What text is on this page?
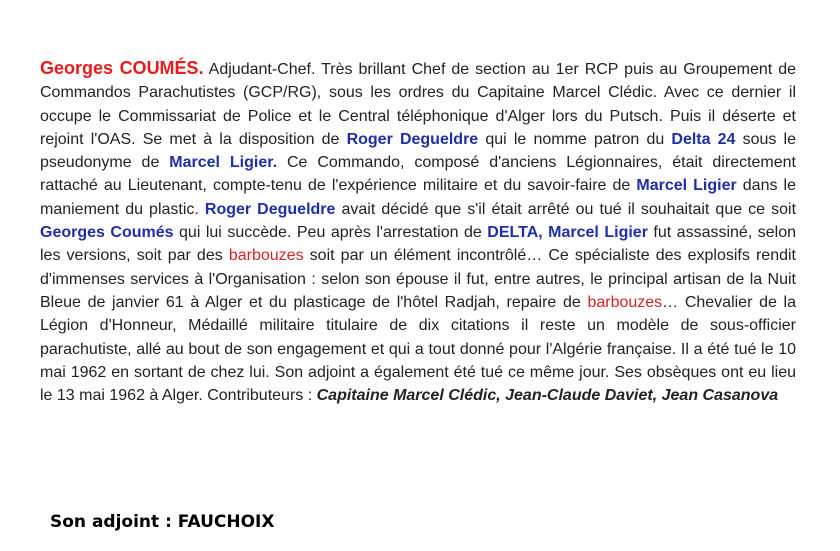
Georges COUMÉS. Adjudant-Chef. Très brillant Chef de section au 1er RCP puis au Groupement de Commandos Parachutistes (GCP/RG), sous les ordres du Capitaine Marcel Clédic. Avec ce dernier il occupe le Commissariat de Police et le Central téléphonique d'Alger lors du Putsch. Puis il déserte et rejoint l'OAS. Se met à la disposition de Roger Degueldre qui le nomme patron du Delta 24 sous le pseudonyme de Marcel Ligier. Ce Commando, composé d'anciens Légionnaires, était directement rattaché au Lieutenant, compte-tenu de l'expérience militaire et du savoir-faire de Marcel Ligier dans le maniement du plastic. Roger Degueldre avait décidé que s'il était arrêté ou tué il souhaitait que ce soit Georges Coumés qui lui succède. Peu après l'arrestation de DELTA, Marcel Ligier fut assassiné, selon les versions, soit par des barbouzes soit par un élément incontrôlé… Ce spécialiste des explosifs rendit d'immenses services à l'Organisation : selon son épouse il fut, entre autres, le principal artisan de la Nuit Bleue de janvier 61 à Alger et du plasticage de l'hôtel Radjah, repaire de barbouzes… Chevalier de la Légion d'Honneur, Médaillé militaire titulaire de dix citations il reste un modèle de sous-officier parachutiste, allé au bout de son engagement et qui a tout donné pour l'Algérie française. Il a été tué le 10 mai 1962 en sortant de chez lui. Son adjoint a également été tué ce même jour. Ses obsèques ont eu lieu le 13 mai 1962 à Alger. Contributeurs : Capitaine Marcel Clédic, Jean-Claude Daviet, Jean Casanova

Son adjoint : FAUCHOIX
